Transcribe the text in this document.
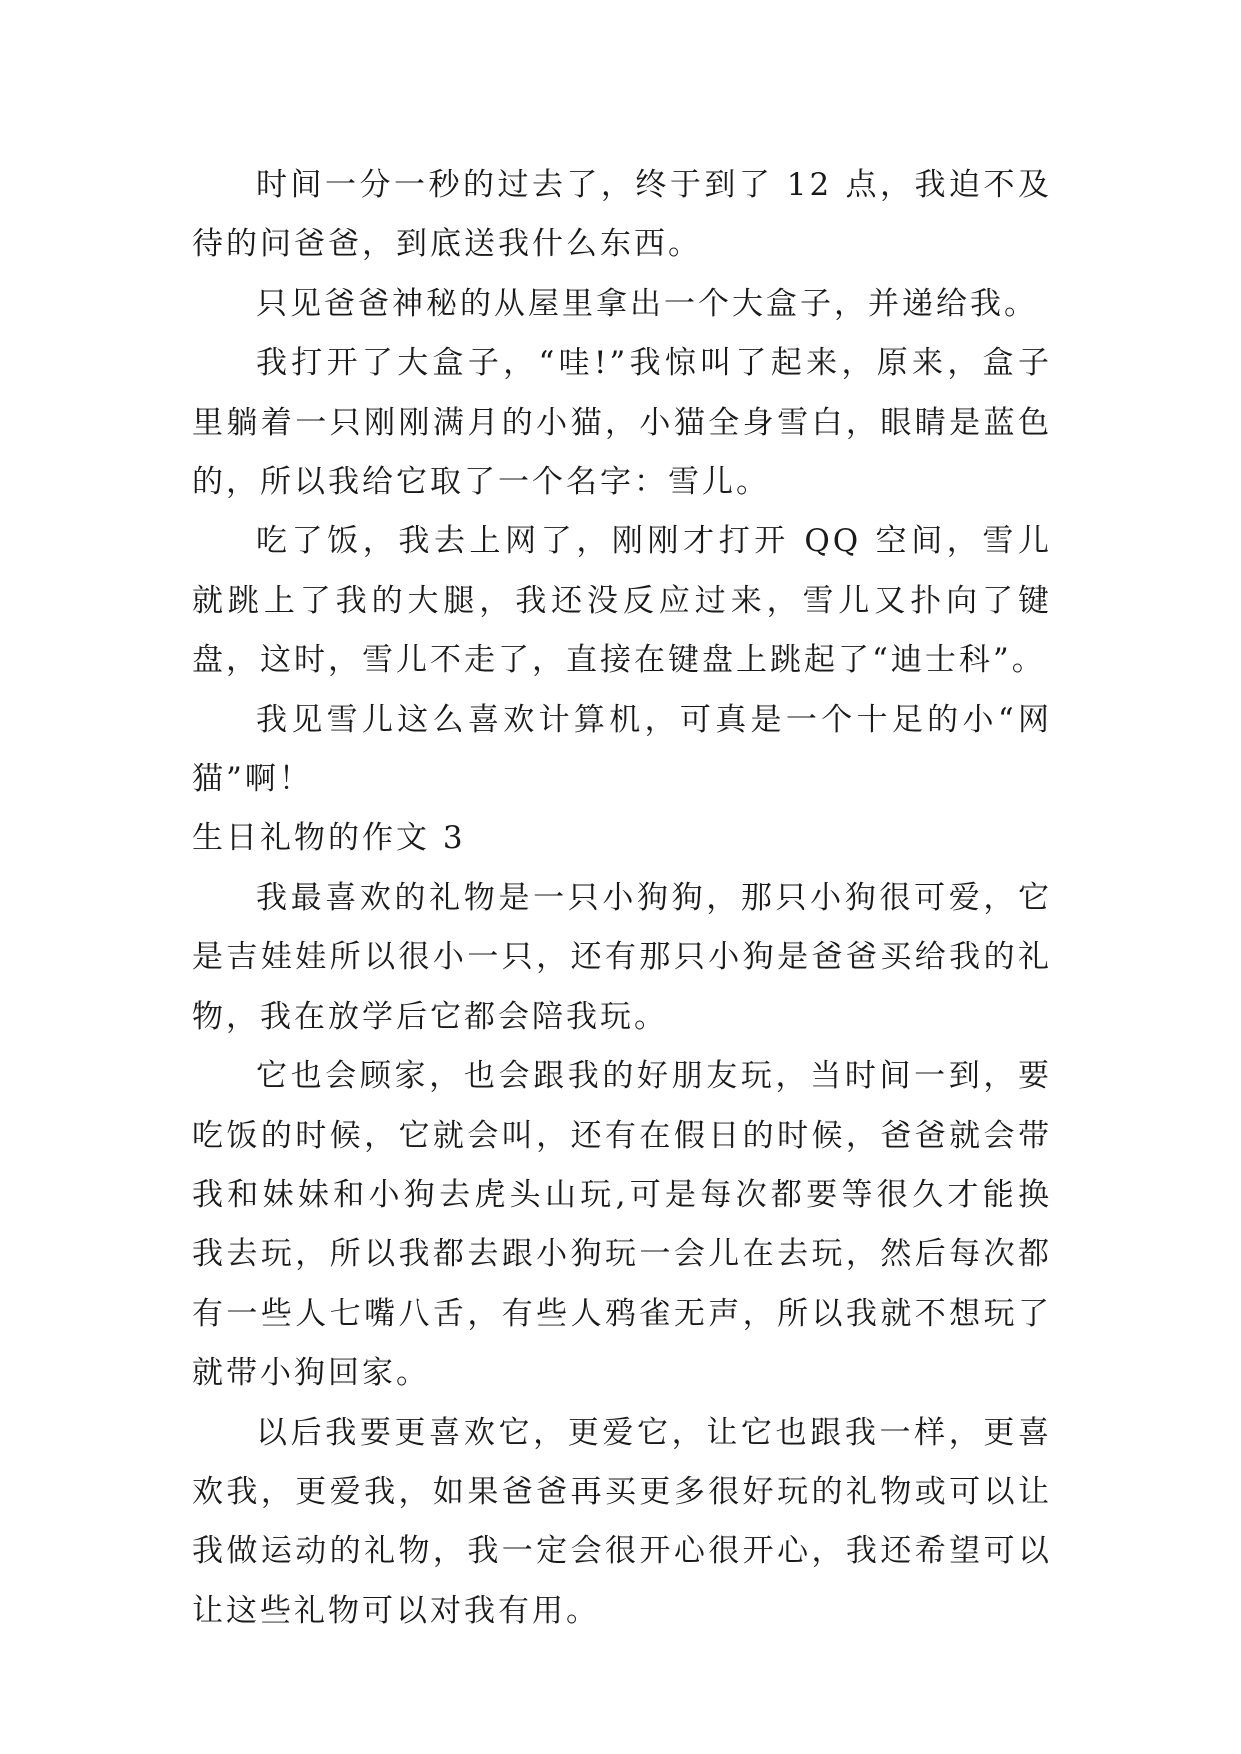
时间一分一秒的过去了，终于到了 12 点，我迫不及待的问爸爸，到底送我什么东西。

只见爸爸神秘的从屋里拿出一个大盒子，并递给我。

我打开了大盒子，“哇!”我惊叫了起来，原来，盒子里躺着一只刚刚满月的小猫，小猫全身雪白，眼睛是蓝色的，所以我给它取了一个名字：雪儿。

吃了饭，我去上网了，刚刚才打开 QQ 空间，雪儿就跳上了我的大腿，我还没反应过来，雪儿又扑向了键盘，这时，雪儿不走了，直接在键盘上跳起了“迪士科”。

我见雪儿这么喜欢计算机，可真是一个十足的小“网猫”啊！

生日礼物的作文 3

我最喜欢的礼物是一只小狗狗，那只小狗很可爱，它是吉娃娃所以很小一只，还有那只小狗是爸爸买给我的礼物，我在放学后它都会陪我玩。

它也会顾家，也会跟我的好朋友玩，当时间一到，要吃饭的时候，它就会叫，还有在假日的时候，爸爸就会带我和妹妹和小狗去虎头山玩,可是每次都要等很久才能换我去玩，所以我都去跟小狗玩一会儿在去玩，然后每次都有一些人七嘴八舌，有些人鸦雀无声，所以我就不想玩了就带小狗回家。

以后我要更喜欢它，更爱它，让它也跟我一样，更喜欢我，更爱我，如果爸爸再买更多很好玩的礼物或可以让我做运动的礼物，我一定会很开心很开心，我还希望可以让这些礼物可以对我有用。
